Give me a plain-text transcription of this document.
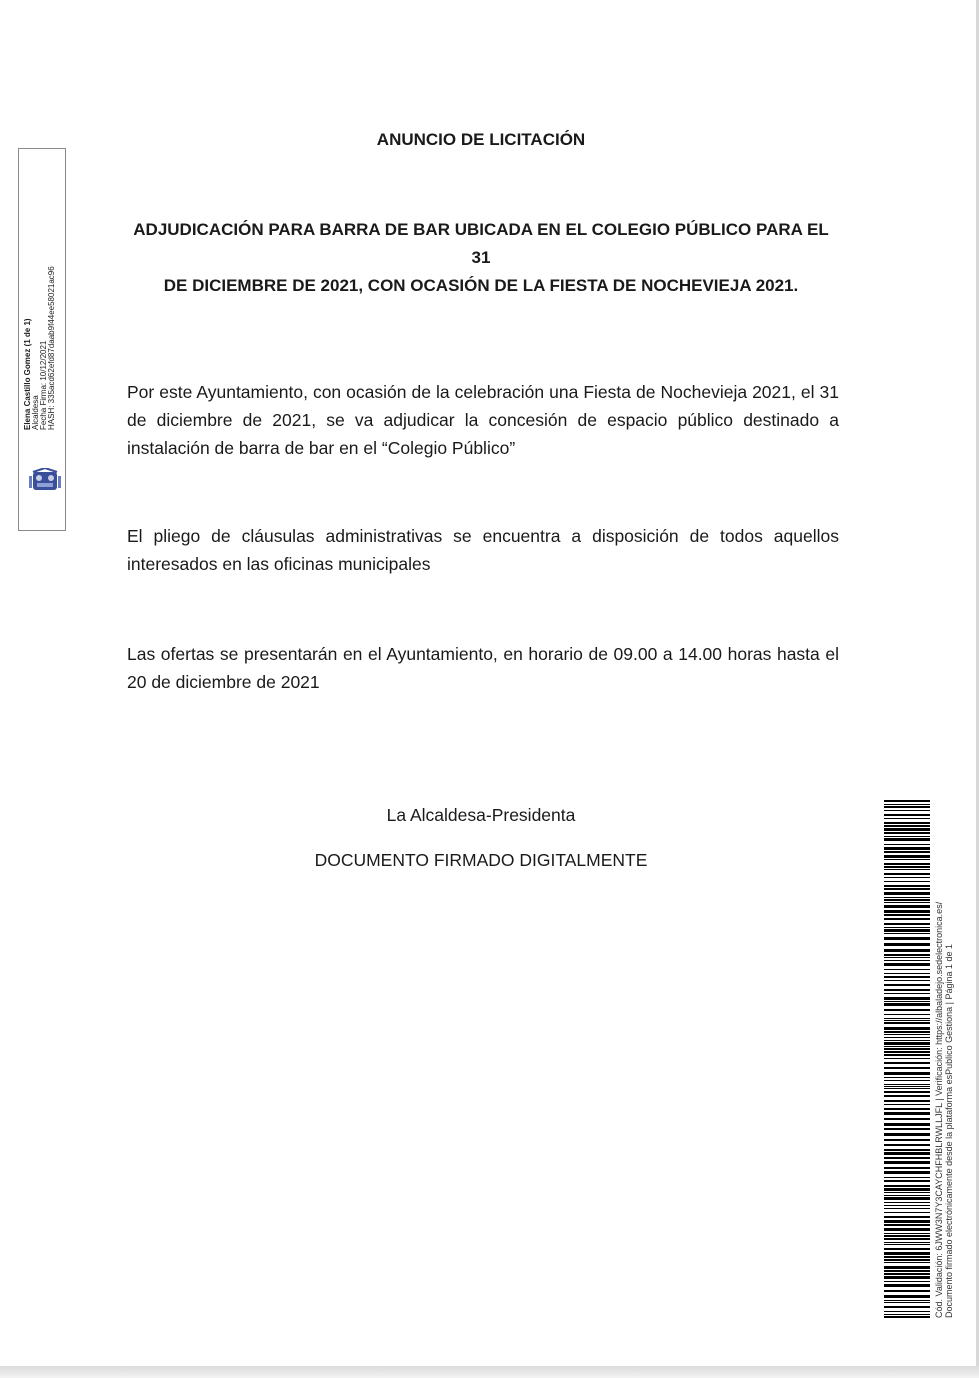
Elena Castillo Gomez (1 de 1) Alcaldesa Fecha Firma: 10/12/2021 HASH: 335acd62efd87daab9f44ee58021ac96
ANUNCIO DE LICITACIÓN
ADJUDICACIÓN PARA BARRA DE BAR UBICADA EN EL COLEGIO PÚBLICO PARA EL 31
DE DICIEMBRE DE 2021, CON OCASIÓN DE LA FIESTA DE NOCHEVIEJA 2021.
Por este Ayuntamiento, con ocasión de la celebración una Fiesta de Nochevieja 2021, el 31 de diciembre de 2021, se va adjudicar la concesión de espacio público destinado a instalación de barra de bar en el “Colegio Público”
El pliego de cláusulas administrativas se encuentra a disposición de todos aquellos interesados en las oficinas municipales
Las ofertas se presentarán en el Ayuntamiento, en horario de 09.00 a 14.00 horas hasta el 20 de diciembre de 2021
La Alcaldesa-Presidenta
DOCUMENTO FIRMADO DIGITALMENTE
Cód. Validación: 6JWW3N7Y3CAYCHFHBLRWLLJFL | Verificación: https://albaladejo.sedelectronica.es/ Documento firmado electrónicamente desde la plataforma esPublico Gestiona | Página 1 de 1
